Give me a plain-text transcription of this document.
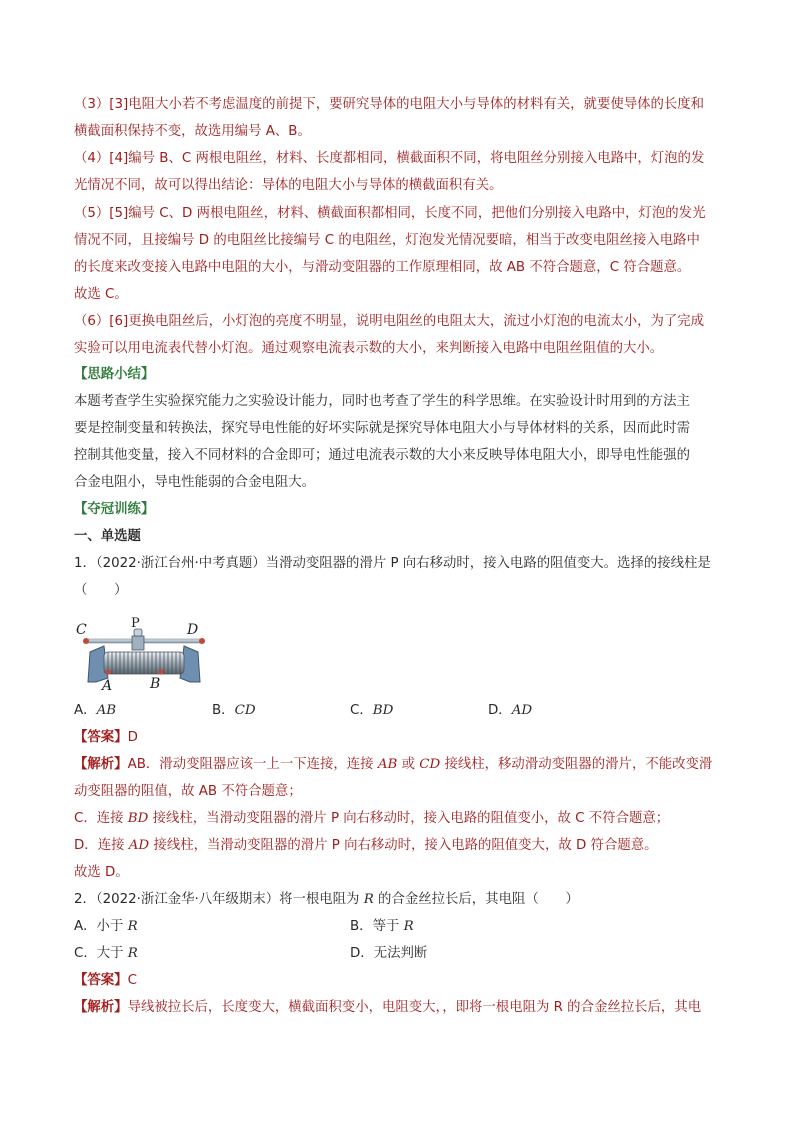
（3）[3]电阻大小若不考虑温度的前提下，要研究导体的电阻大小与导体的材料有关，就要使导体的长度和
横截面积保持不变，故选用编号 A、B。
（4）[4]编号 B、C 两根电阻丝，材料、长度都相同，横截面积不同，将电阻丝分别接入电路中，灯泡的发
光情况不同，故可以得出结论：导体的电阻大小与导体的横截面积有关。
（5）[5]编号 C、D 两根电阻丝，材料、横截面积都相同，长度不同，把他们分别接入电路中，灯泡的发光
情况不同，且接编号 D 的电阻丝比接编号 C 的电阻丝，灯泡发光情况要暗，相当于改变电阻丝接入电路中
的长度来改变接入电路中电阻的大小，与滑动变阻器的工作原理相同，故 AB 不符合题意，C 符合题意。
故选 C。
（6）[6]更换电阻丝后，小灯泡的亮度不明显，说明电阻丝的电阻太大，流过小灯泡的电流太小，为了完成
实验可以用电流表代替小灯泡。通过观察电流表示数的大小，来判断接入电路中电阻丝阻值的大小。
【思路小结】
本题考查学生实验探究能力之实验设计能力，同时也考查了学生的科学思维。在实验设计时用到的方法主
要是控制变量和转换法，探究导电性能的好坏实际就是探究导体电阻大小与导体材料的关系，因而此时需
控制其他变量，接入不同材料的合金即可；通过电流表示数的大小来反映导体电阻大小，即导电性能强的
合金电阻小，导电性能弱的合金电阻大。
【夺冠训练】
一、单选题
1．（2022·浙江台州·中考真题）当滑动变阻器的滑片 P 向右移动时，接入电路的阻值变大。选择的接线柱是
（　　）
C	P	D
A	B
A．AB	B．CD	C．BD	D．AD
【答案】D
【解析】AB．滑动变阻器应该一上一下连接，连接 AB 或 CD 接线柱，移动滑动变阻器的滑片，不能改变滑
动变阻器的阻值，故 AB 不符合题意；
C．连接 BD 接线柱，当滑动变阻器的滑片 P 向右移动时，接入电路的阻值变小，故 C 不符合题意；
D．连接 AD 接线柱，当滑动变阻器的滑片 P 向右移动时，接入电路的阻值变大，故 D 符合题意。
故选 D。
2．（2022·浙江金华·八年级期末）将一根电阻为 R 的合金丝拉长后，其电阻（　　）
A．小于 R	B．等于 R
C．大于 R	D．无法判断
【答案】C
【解析】导线被拉长后，长度变大，横截面积变小，电阻变大，，即将一根电阻为 R 的合金丝拉长后，其电
